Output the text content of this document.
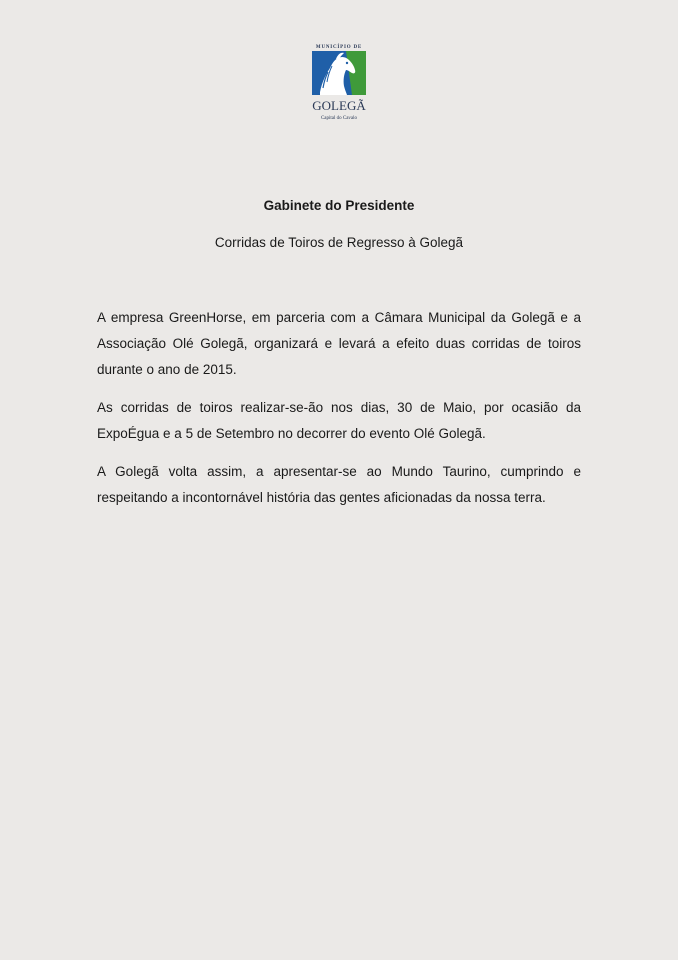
MUNICÍPIO DE
GOLEGÃ
Capital do Cavalo
Gabinete do Presidente
Corridas de Toiros de Regresso à Golegã

A empresa GreenHorse, em parceria com a Câmara Municipal da Golegã e a Associação Olé Golegã, organizará e levará a efeito duas corridas de toiros durante o ano de 2015.

As corridas de toiros realizar-se-ão nos dias, 30 de Maio, por ocasião da ExpoÉgua e a 5 de Setembro no decorrer do evento Olé Golegã.

A Golegã volta assim, a apresentar-se ao Mundo Taurino, cumprindo e respeitando a incontornável história das gentes aficionadas da nossa terra.
